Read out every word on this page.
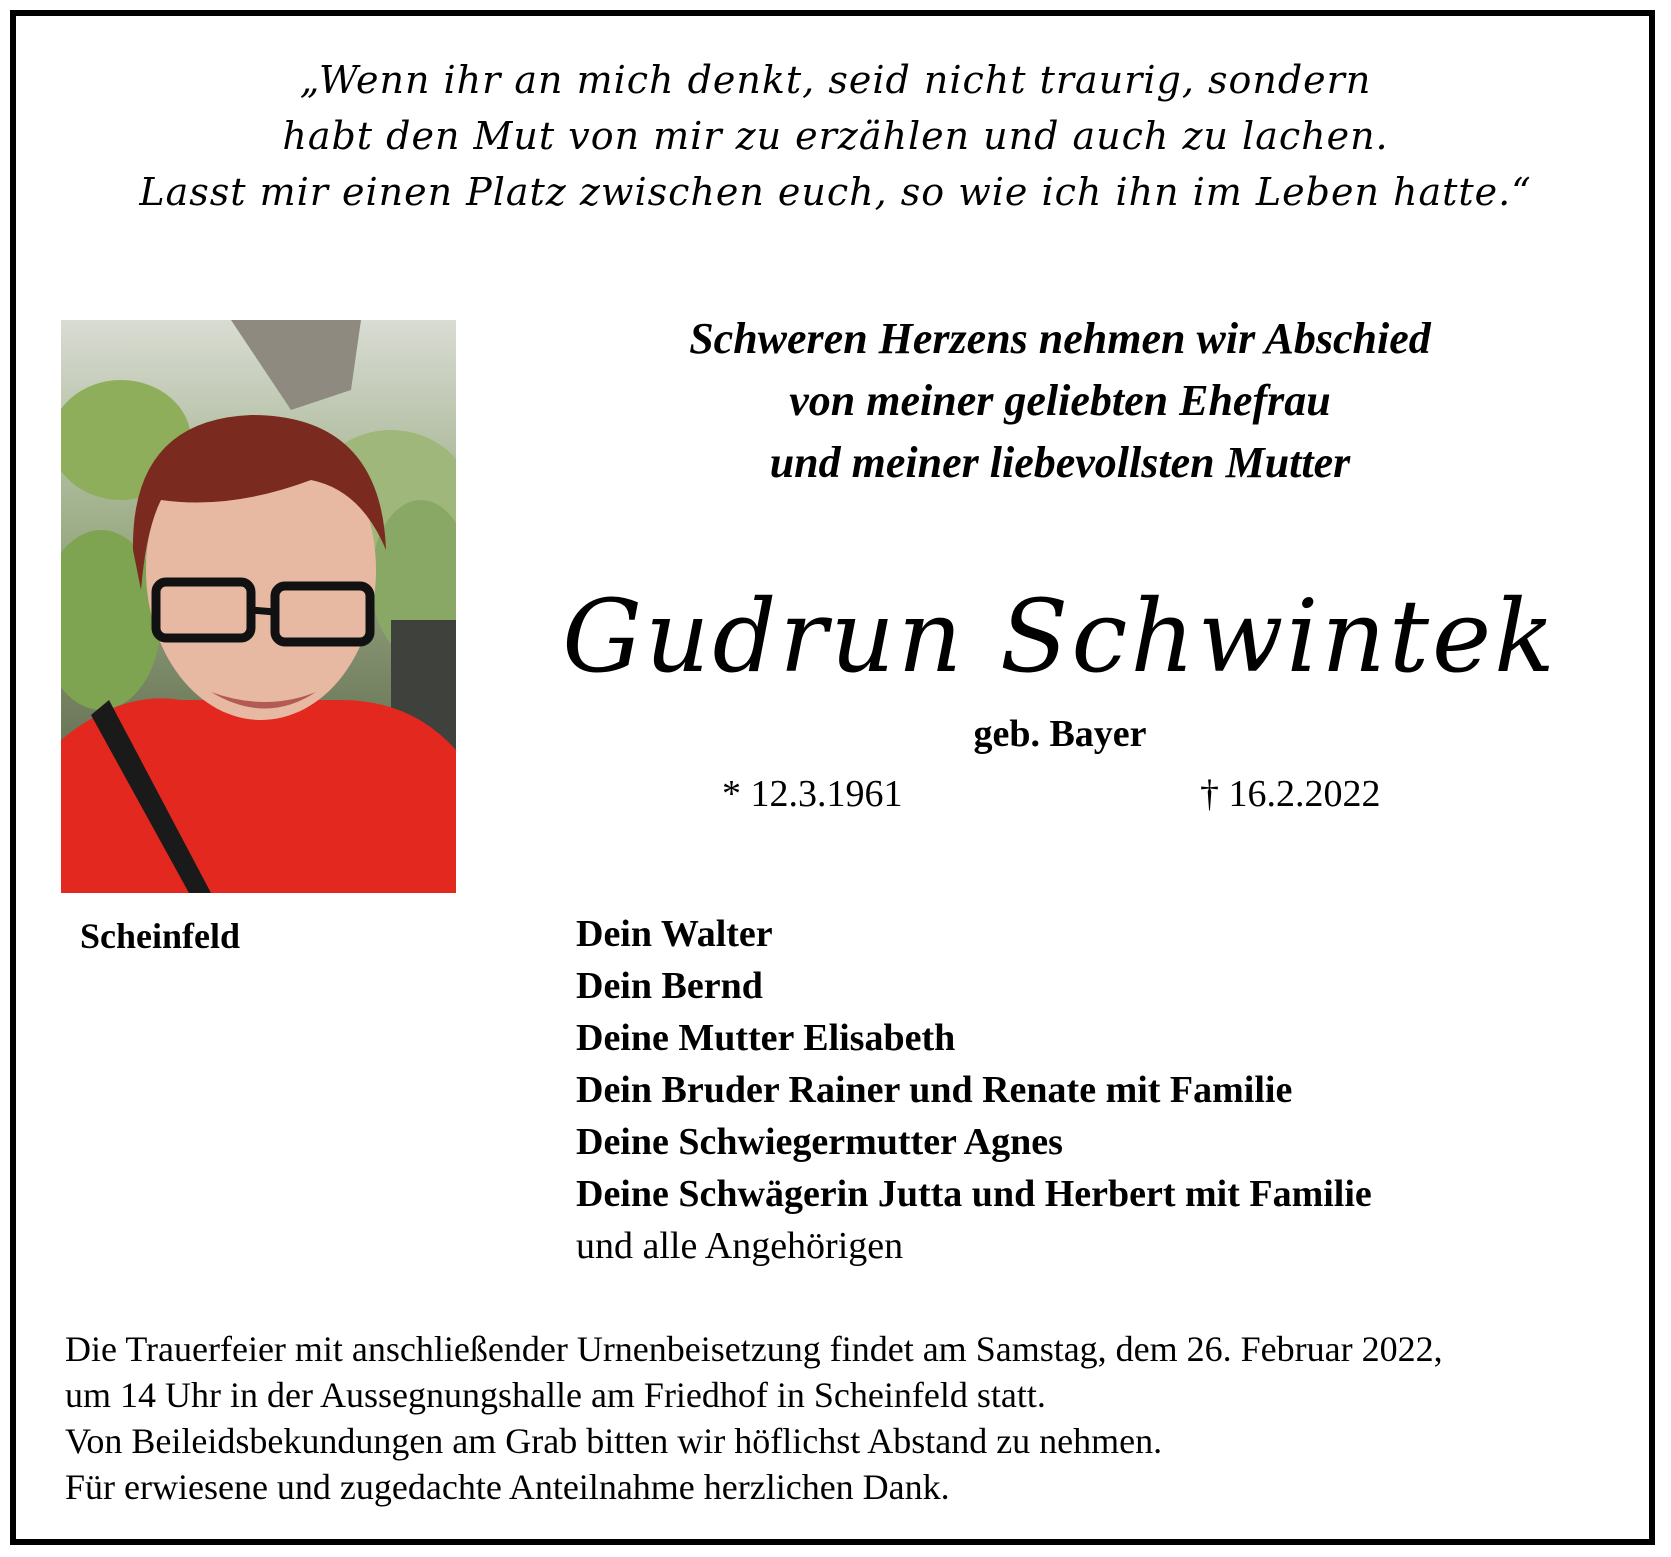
„Wenn ihr an mich denkt, seid nicht traurig, sondern
habt den Mut von mir zu erzählen und auch zu lachen.
Lasst mir einen Platz zwischen euch, so wie ich ihn im Leben hatte.“
Scheinfeld
Schweren Herzens nehmen wir Abschied
von meiner geliebten Ehefrau
und meiner liebevollsten Mutter
Gudrun Schwintek
geb. Bayer
* 12.3.1961	† 16.2.2022
Dein Walter
Dein Bernd
Deine Mutter Elisabeth
Dein Bruder Rainer und Renate mit Familie
Deine Schwiegermutter Agnes
Deine Schwägerin Jutta und Herbert mit Familie
und alle Angehörigen
Die Trauerfeier mit anschließender Urnenbeisetzung findet am Samstag, dem 26. Februar 2022,
um 14 Uhr in der Aussegnungshalle am Friedhof in Scheinfeld statt.
Von Beileidsbekundungen am Grab bitten wir höflichst Abstand zu nehmen.
Für erwiesene und zugedachte Anteilnahme herzlichen Dank.
